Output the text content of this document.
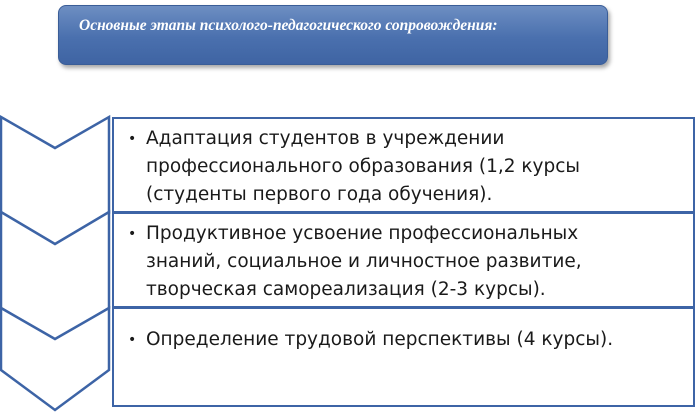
Основные этапы психолого-педагогического сопровождения:
• Адаптация студентов в учреждении
профессионального образования (1,2 курсы
(студенты первого года обучения).
• Продуктивное усвоение профессиональных
знаний, социальное и личностное развитие,
творческая самореализация (2-3 курсы).
• Определение трудовой перспективы (4 курсы).
